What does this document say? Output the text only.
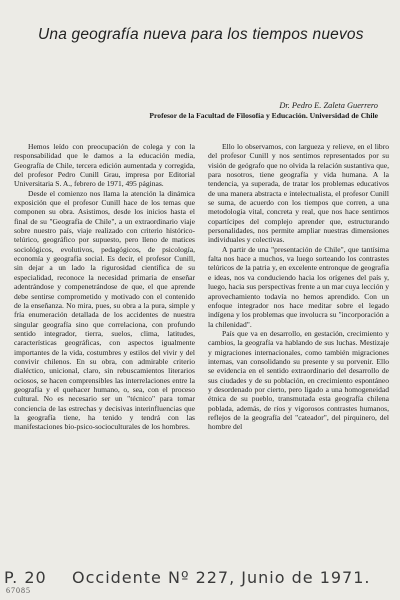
Una geografía nueva para los tiempos nuevos
Dr. Pedro E. Zaleta Guerrero
Profesor de la Facultad de Filosofía y Educación. Universidad de Chile

Hemos leído con preocupación de colega y con la responsabilidad que le damos a la educación media, Geografía de Chile, tercera edición aumentada y corregida, del profesor Pedro Cunill Grau, impresa por Editorial Universitaria S. A., febrero de 1971, 495 páginas.

Desde el comienzo nos llama la atención la dinámica exposición que el profesor Cunill hace de los temas que componen su obra. Asistimos, desde los inicios hasta el final de su "Geografía de Chile", a un extraordinario viaje sobre nuestro país, viaje realizado con criterio histórico-telúrico, geográfico por supuesto, pero lleno de matices sociológicos, evolutivos, pedagógicos, de psicología, economía y geografía social. Es decir, el profesor Cunill, sin dejar a un lado la rigurosidad científica de su especialidad, reconoce la necesidad primaria de enseñar adentrándose y compenetrándose de que, el que aprende debe sentirse comprometido y motivado con el contenido de la enseñanza. No mira, pues, su obra a la pura, simple y fría enumeración detallada de los accidentes de nuestra singular geografía sino que correlaciona, con profundo sentido integrador, tierra, suelos, clima, latitudes, características geográficas, con aspectos igualmente importantes de la vida, costumbres y estilos del vivir y del convivir chilenos. En su obra, con admirable criterio dialéctico, unicional, claro, sin rebuscamientos literarios ociosos, se hacen comprensibles las interrelaciones entre la geografía y el quehacer humano, o, sea, con el proceso cultural. No es necesario ser un "técnico" para tomar conciencia de las estrechas y decisivas interinfluencias que la geografía tiene, ha tenido y tendrá con las manifestaciones bio-psico-socioculturales de los hombres.

Ello lo observamos, con largueza y relieve, en el libro del profesor Cunill y nos sentimos representados por su visión de geógrafo que no olvida la relación sustantiva que, para nosotros, tiene geografía y vida humana. A la tendencia, ya superada, de tratar los problemas educativos de una manera abstracta e intelectualista, el profesor Cunill se suma, de acuerdo con los tiempos que corren, a una metodología vital, concreta y real, que nos hace sentirnos copartícipes del complejo aprender que, estructurando personalidades, nos permite ampliar nuestras dimensiones individuales y colectivas.

A partir de una "presentación de Chile", que tantísima falta nos hace a muchos, va luego sorteando los contrastes telúricos de la patria y, en excelente entronque de geografía e ideas, nos va conduciendo hacia los orígenes del país y, luego, hacia sus perspectivas frente a un mar cuya lección y aprovechamiento todavía no hemos aprendido. Con un enfoque integrador nos hace meditar sobre el legado indígena y los problemas que involucra su "incorporación a la chilenidad".

País que va en desarrollo, en gestación, crecimiento y cambios, la geografía va hablando de sus luchas. Mestizaje y migraciones internacionales, como también migraciones internas, van consolidando su presente y su porvenir. Ello se evidencia en el sentido extraordinario del desarrollo de sus ciudades y de su población, en crecimiento espontáneo y desordenado por cierto, pero ligado a una homogeneidad étnica de su pueblo, transmutada esta geografía chilena poblada, además, de ríos y vigorosos contrastes humanos, reflejos de la geografía del "cateador", del pirquinero, del hombre del

P. 20 Occidente Nº 227, Junio de 1971.
67085
